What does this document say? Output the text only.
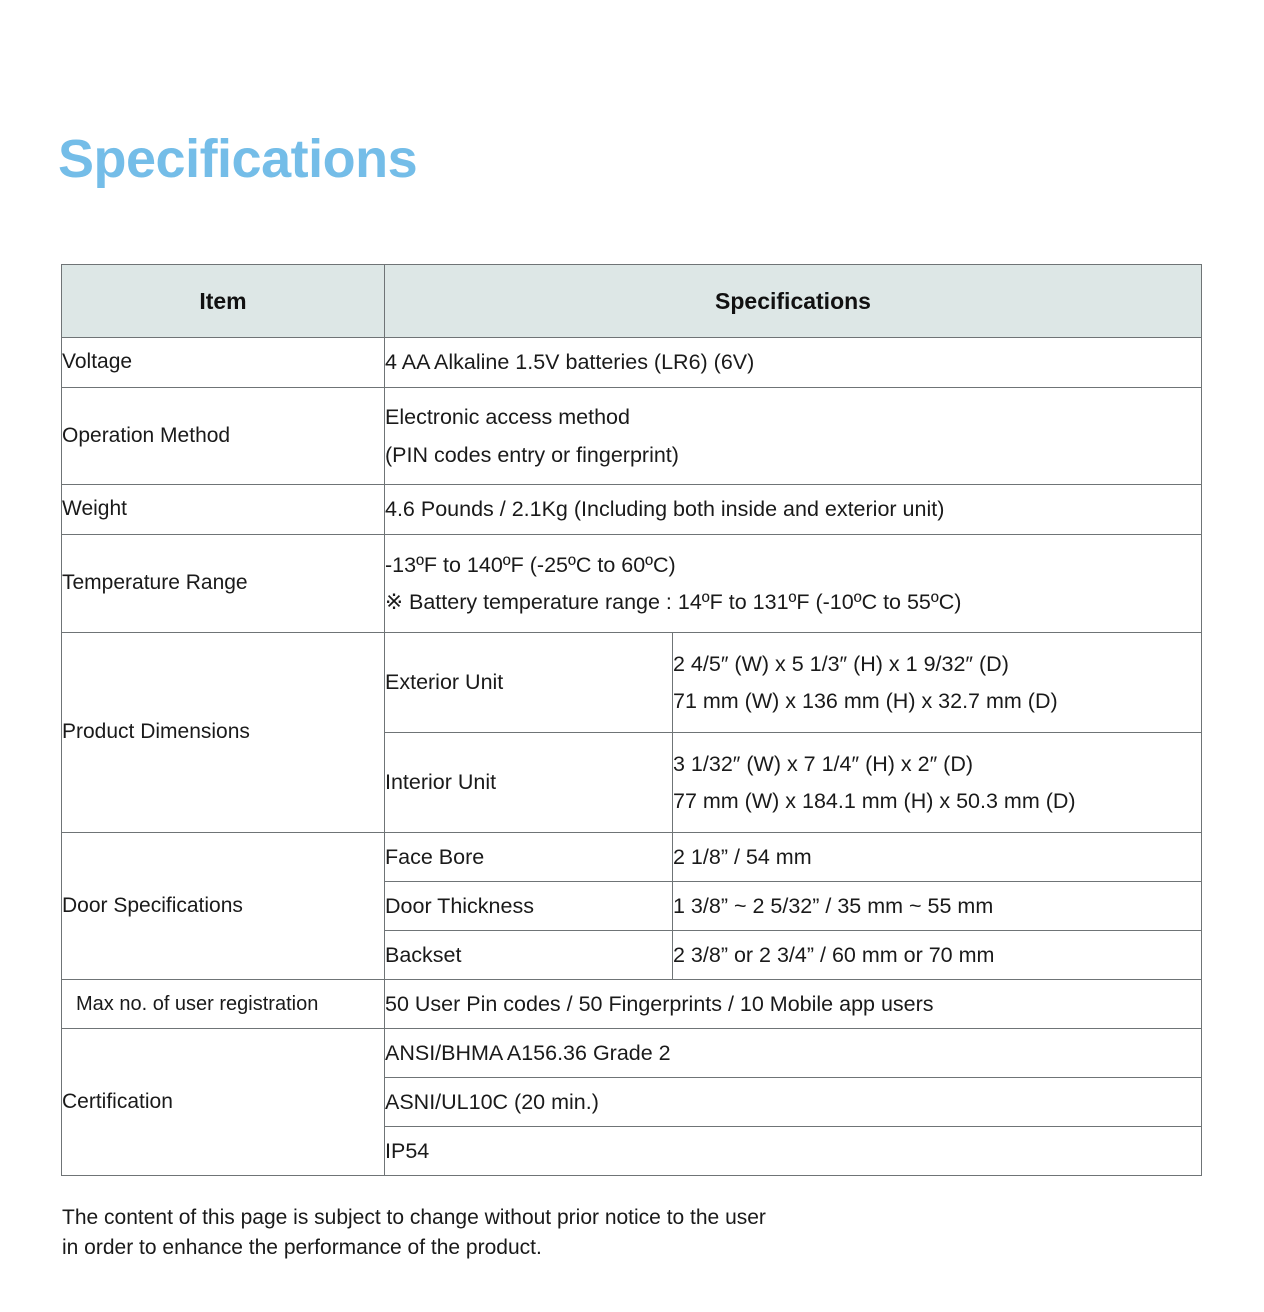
Specifications
Item	Specifications	
Voltage	4 AA Alkaline 1.5V batteries (LR6) (6V)	
Operation Method	Electronic access method
(PIN codes entry or fingerprint)	

Weight	4.6 Pounds / 2.1Kg (Including both inside and exterior unit)	
Temperature Range	-13ºF to 140ºF (-25ºC to 60ºC)
※ Battery temperature range : 14ºF to 131ºF (-10ºC to 55ºC)	

Product Dimensions	Exterior Unit	2 4/5″ (W) x 5 1/3″ (H) x 1 9/32″ (D)
71 mm (W) x 136 mm (H) x 32.7 mm (D)

	Interior Unit	3 1/32″ (W) x 7 1/4″ (H) x 2″ (D)
77 mm (W) x 184.1 mm (H) x 50.3 mm (D)

Door Specifications	Face Bore	2 1/8” / 54 mm
	Door Thickness	1 3/8” ~ 2 5/32” / 35 mm ~ 55 mm
	Backset	2 3/8” or 2 3/4” / 60 mm or 70 mm
Max no. of user registration	50 User Pin codes / 50 Fingerprints / 10 Mobile app users	
Certification	ANSI/BHMA A156.36 Grade 2	
	ASNI/UL10C (20 min.)	
	IP54	
The content of this page is subject to change without prior notice to the user
in order to enhance the performance of the product.
